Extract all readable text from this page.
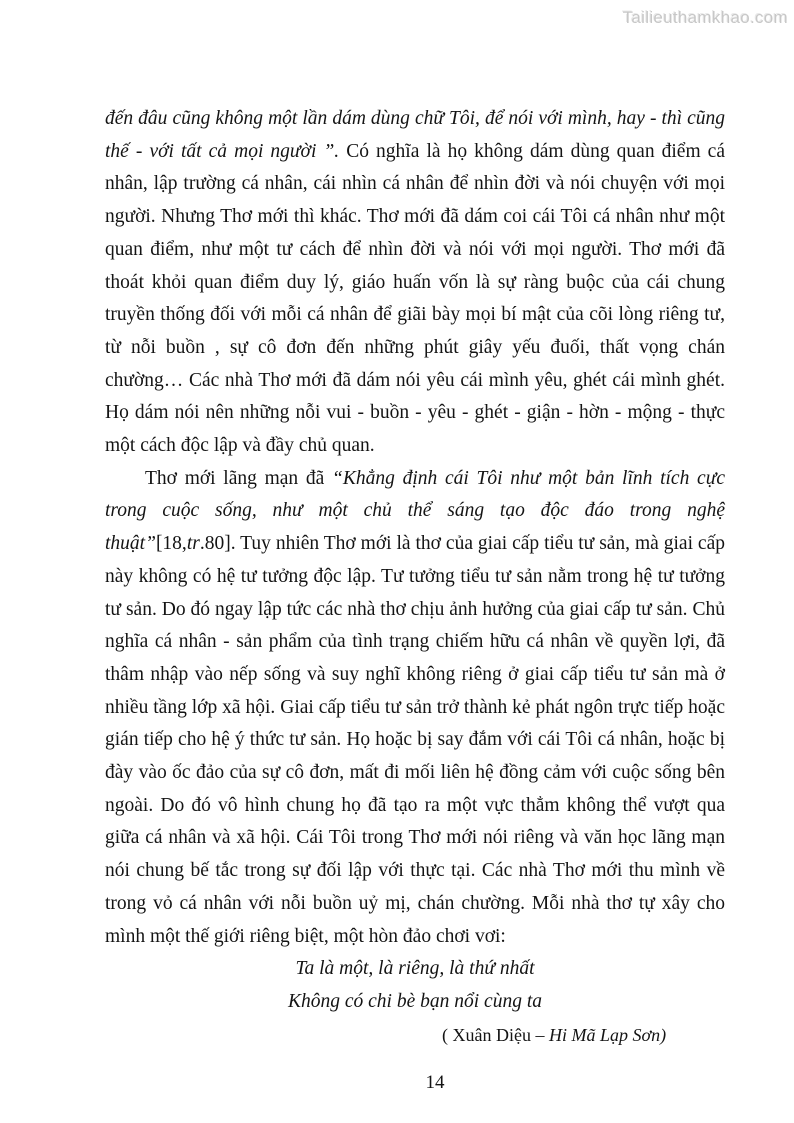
Tailieuthamkhao.com

đến đâu cũng không một lần dám dùng chữ Tôi, để nói với mình, hay - thì cũng thế - với tất cả mọi người ”. Có nghĩa là họ không dám dùng quan điểm cá nhân, lập trường cá nhân, cái nhìn cá nhân để nhìn đời và nói chuyện với mọi người. Nhưng Thơ mới thì khác. Thơ mới đã dám coi cái Tôi cá nhân như một quan điểm, như một tư cách để nhìn đời và nói với mọi người. Thơ mới đã thoát khỏi quan điểm duy lý, giáo huấn vốn là sự ràng buộc của cái chung truyền thống đối với mỗi cá nhân để giãi bày mọi bí mật của cõi lòng riêng tư, từ nỗi buồn , sự cô đơn đến những phút giây yếu đuối, thất vọng chán chường… Các nhà Thơ mới đã dám nói yêu cái mình yêu, ghét cái mình ghét. Họ dám nói nên những nỗi vui - buồn - yêu - ghét - giận - hờn - mộng - thực một cách độc lập và đầy chủ quan.

Thơ mới lãng mạn đã “Khẳng định cái Tôi như một bản lĩnh tích cực trong cuộc sống, như một chủ thể sáng tạo độc đáo trong nghệ thuật”[18,tr.80]. Tuy nhiên Thơ mới là thơ của giai cấp tiểu tư sản, mà giai cấp này không có hệ tư tưởng độc lập. Tư tưởng tiểu tư sản nằm trong hệ tư tưởng tư sản. Do đó ngay lập tức các nhà thơ chịu ảnh hưởng của giai cấp tư sản. Chủ nghĩa cá nhân - sản phẩm của tình trạng chiếm hữu cá nhân về quyền lợi, đã thâm nhập vào nếp sống và suy nghĩ không riêng ở giai cấp tiểu tư sản mà ở nhiều tầng lớp xã hội. Giai cấp tiểu tư sản trở thành kẻ phát ngôn trực tiếp hoặc gián tiếp cho hệ ý thức tư sản. Họ hoặc bị say đắm với cái Tôi cá nhân, hoặc bị đày vào ốc đảo của sự cô đơn, mất đi mối liên hệ đồng cảm với cuộc sống bên ngoài. Do đó vô hình chung họ đã tạo ra một vực thẳm không thể vượt qua giữa cá nhân và xã hội. Cái Tôi trong Thơ mới nói riêng và văn học lãng mạn nói chung bế tắc trong sự đối lập với thực tại. Các nhà Thơ mới thu mình về trong vỏ cá nhân với nỗi buồn uỷ mị, chán chường. Mỗi nhà thơ tự xây cho mình một thế giới riêng biệt, một hòn đảo chơi vơi:

Ta là một, là riêng, là thứ nhất
Không có chi bè bạn nổi cùng ta
( Xuân Diệu – Hi Mã Lạp Sơn)
14
